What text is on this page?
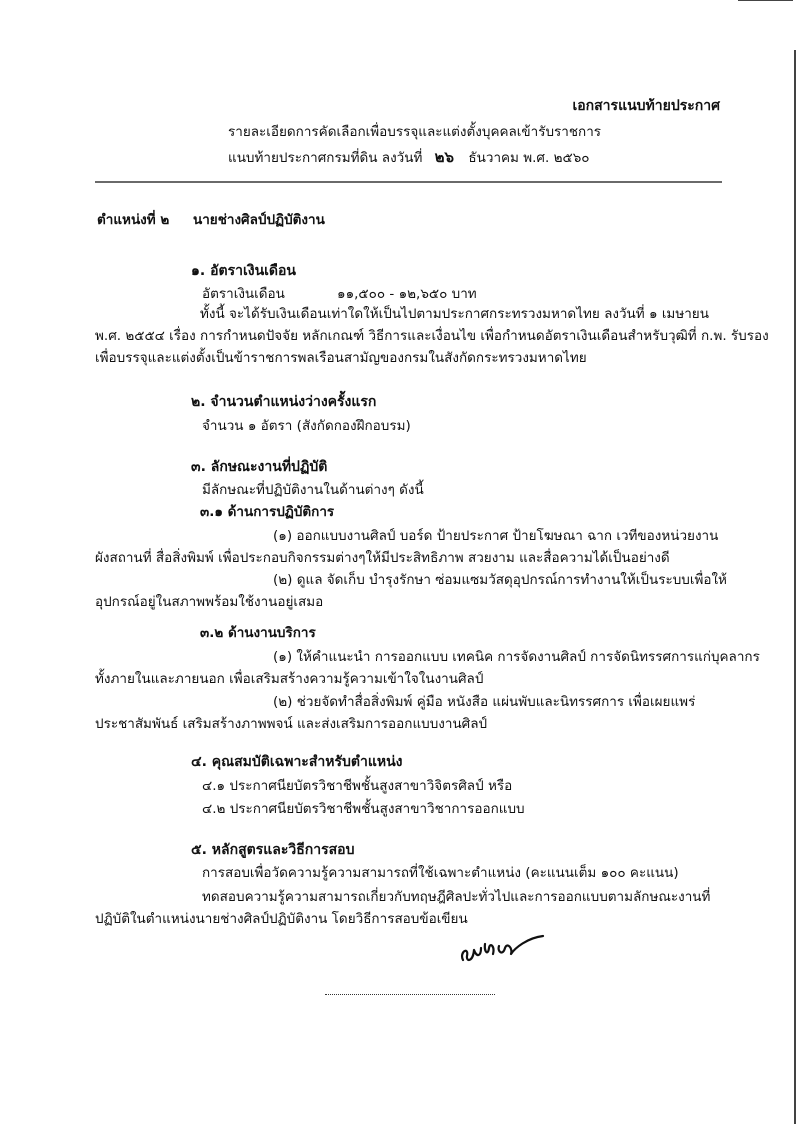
เอกสารแนบท้ายประกาศ
รายละเอียดการคัดเลือกเพื่อบรรจุและแต่งตั้งบุคคลเข้ารับราชการ
แนบท้ายประกาศกรมที่ดิน ลงวันที่ ๒๖ ธันวาคม พ.ศ. ๒๕๖๐
ตำแหน่งที่ ๒ นายช่างศิลป์ปฏิบัติงาน
๑. อัตราเงินเดือน
อัตราเงินเดือน	๑๑,๕๐๐ - ๑๒,๖๕๐ บาท
ทั้งนี้ จะได้รับเงินเดือนเท่าใดให้เป็นไปตามประกาศกระทรวงมหาดไทย ลงวันที่ ๑ เมษายน
พ.ศ. ๒๕๕๔ เรื่อง การกำหนดปัจจัย หลักเกณฑ์ วิธีการและเงื่อนไข เพื่อกำหนดอัตราเงินเดือนสำหรับวุฒิที่ ก.พ. รับรอง
เพื่อบรรจุและแต่งตั้งเป็นข้าราชการพลเรือนสามัญของกรมในสังกัดกระทรวงมหาดไทย
๒. จำนวนตำแหน่งว่างครั้งแรก
จำนวน ๑ อัตรา (สังกัดกองฝึกอบรม)
๓. ลักษณะงานที่ปฏิบัติ
มีลักษณะที่ปฏิบัติงานในด้านต่างๆ ดังนี้
๓.๑ ด้านการปฏิบัติการ
(๑) ออกแบบงานศิลป์ บอร์ด ป้ายประกาศ ป้ายโฆษณา ฉาก เวทีของหน่วยงาน
ผังสถานที่ สื่อสิ่งพิมพ์ เพื่อประกอบกิจกรรมต่างๆให้มีประสิทธิภาพ สวยงาม และสื่อความได้เป็นอย่างดี
(๒) ดูแล จัดเก็บ บำรุงรักษา ซ่อมแซมวัสดุอุปกรณ์การทำงานให้เป็นระบบเพื่อให้
อุปกรณ์อยู่ในสภาพพร้อมใช้งานอยู่เสมอ
๓.๒ ด้านงานบริการ
(๑) ให้คำแนะนำ การออกแบบ เทคนิค การจัดงานศิลป์ การจัดนิทรรศการแก่บุคลากร
ทั้งภายในและภายนอก เพื่อเสริมสร้างความรู้ความเข้าใจในงานศิลป์
(๒) ช่วยจัดทำสื่อสิ่งพิมพ์ คู่มือ หนังสือ แผ่นพับและนิทรรศการ เพื่อเผยแพร่
ประชาสัมพันธ์ เสริมสร้างภาพพจน์ และส่งเสริมการออกแบบงานศิลป์
๔. คุณสมบัติเฉพาะสำหรับตำแหน่ง
๔.๑ ประกาศนียบัตรวิชาชีพชั้นสูงสาขาวิจิตรศิลป์ หรือ
๔.๒ ประกาศนียบัตรวิชาชีพชั้นสูงสาขาวิชาการออกแบบ
๕. หลักสูตรและวิธีการสอบ
การสอบเพื่อวัดความรู้ความสามารถที่ใช้เฉพาะตำแหน่ง (คะแนนเต็ม ๑๐๐ คะแนน)
ทดสอบความรู้ความสามารถเกี่ยวกับทฤษฎีศิลปะทั่วไปและการออกแบบตามลักษณะงานที่
ปฏิบัติในตำแหน่งนายช่างศิลป์ปฏิบัติงาน โดยวิธีการสอบข้อเขียน
